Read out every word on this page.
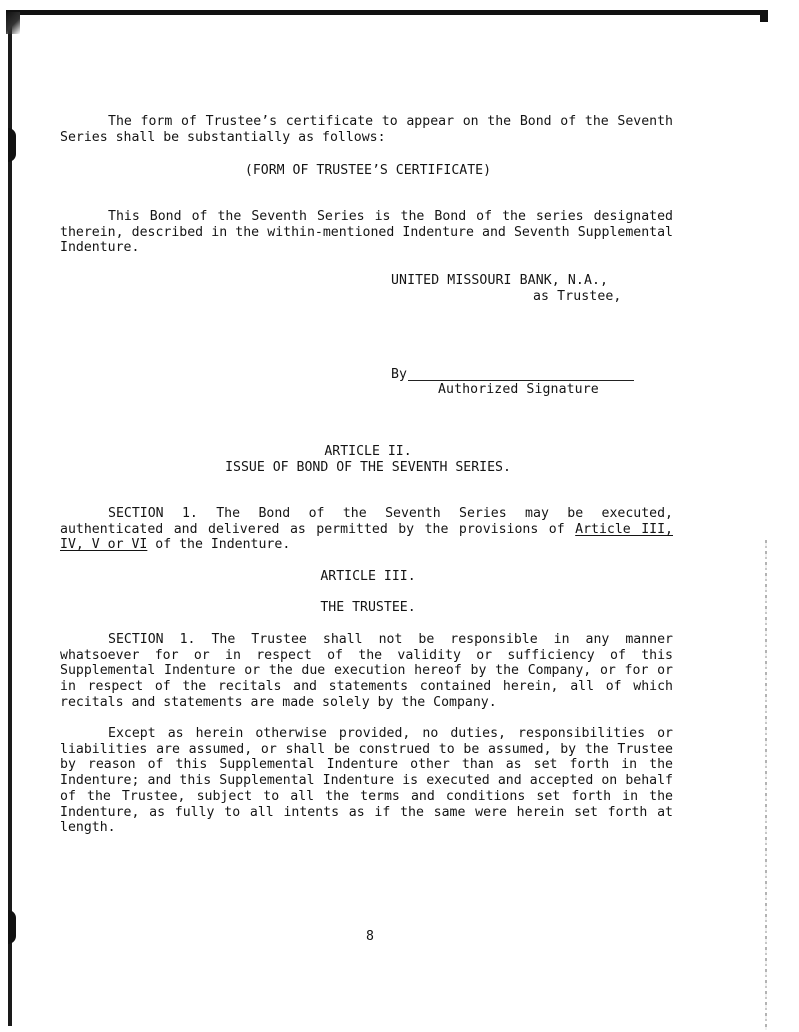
The form of Trustee’s certificate to appear on the Bond of the Seventh Series shall be substantially as follows:
(FORM OF TRUSTEE’S CERTIFICATE)
This Bond of the Seventh Series is the Bond of the series designated therein, described in the within-mentioned Indenture and Seventh Supplemental Indenture.
UNITED MISSOURI BANK, N.A.,
as Trustee,
By
Authorized Signature
ARTICLE II.
ISSUE OF BOND OF THE SEVENTH SERIES.
SECTION 1. The Bond of the Seventh Series may be executed, authenticated and delivered as permitted by the provisions of Article III, IV, V or VI of the Indenture.
ARTICLE III.
THE TRUSTEE.
SECTION 1. The Trustee shall not be responsible in any manner whatsoever for or in respect of the validity or sufficiency of this Supplemental Indenture or the due execution hereof by the Company, or for or in respect of the recitals and statements contained herein, all of which recitals and statements are made solely by the Company.
Except as herein otherwise provided, no duties, responsibilities or liabilities are assumed, or shall be construed to be assumed, by the Trustee by reason of this Supplemental Indenture other than as set forth in the Indenture; and this Supplemental Indenture is executed and accepted on behalf of the Trustee, subject to all the terms and conditions set forth in the Indenture, as fully to all intents as if the same were herein set forth at length.
8
